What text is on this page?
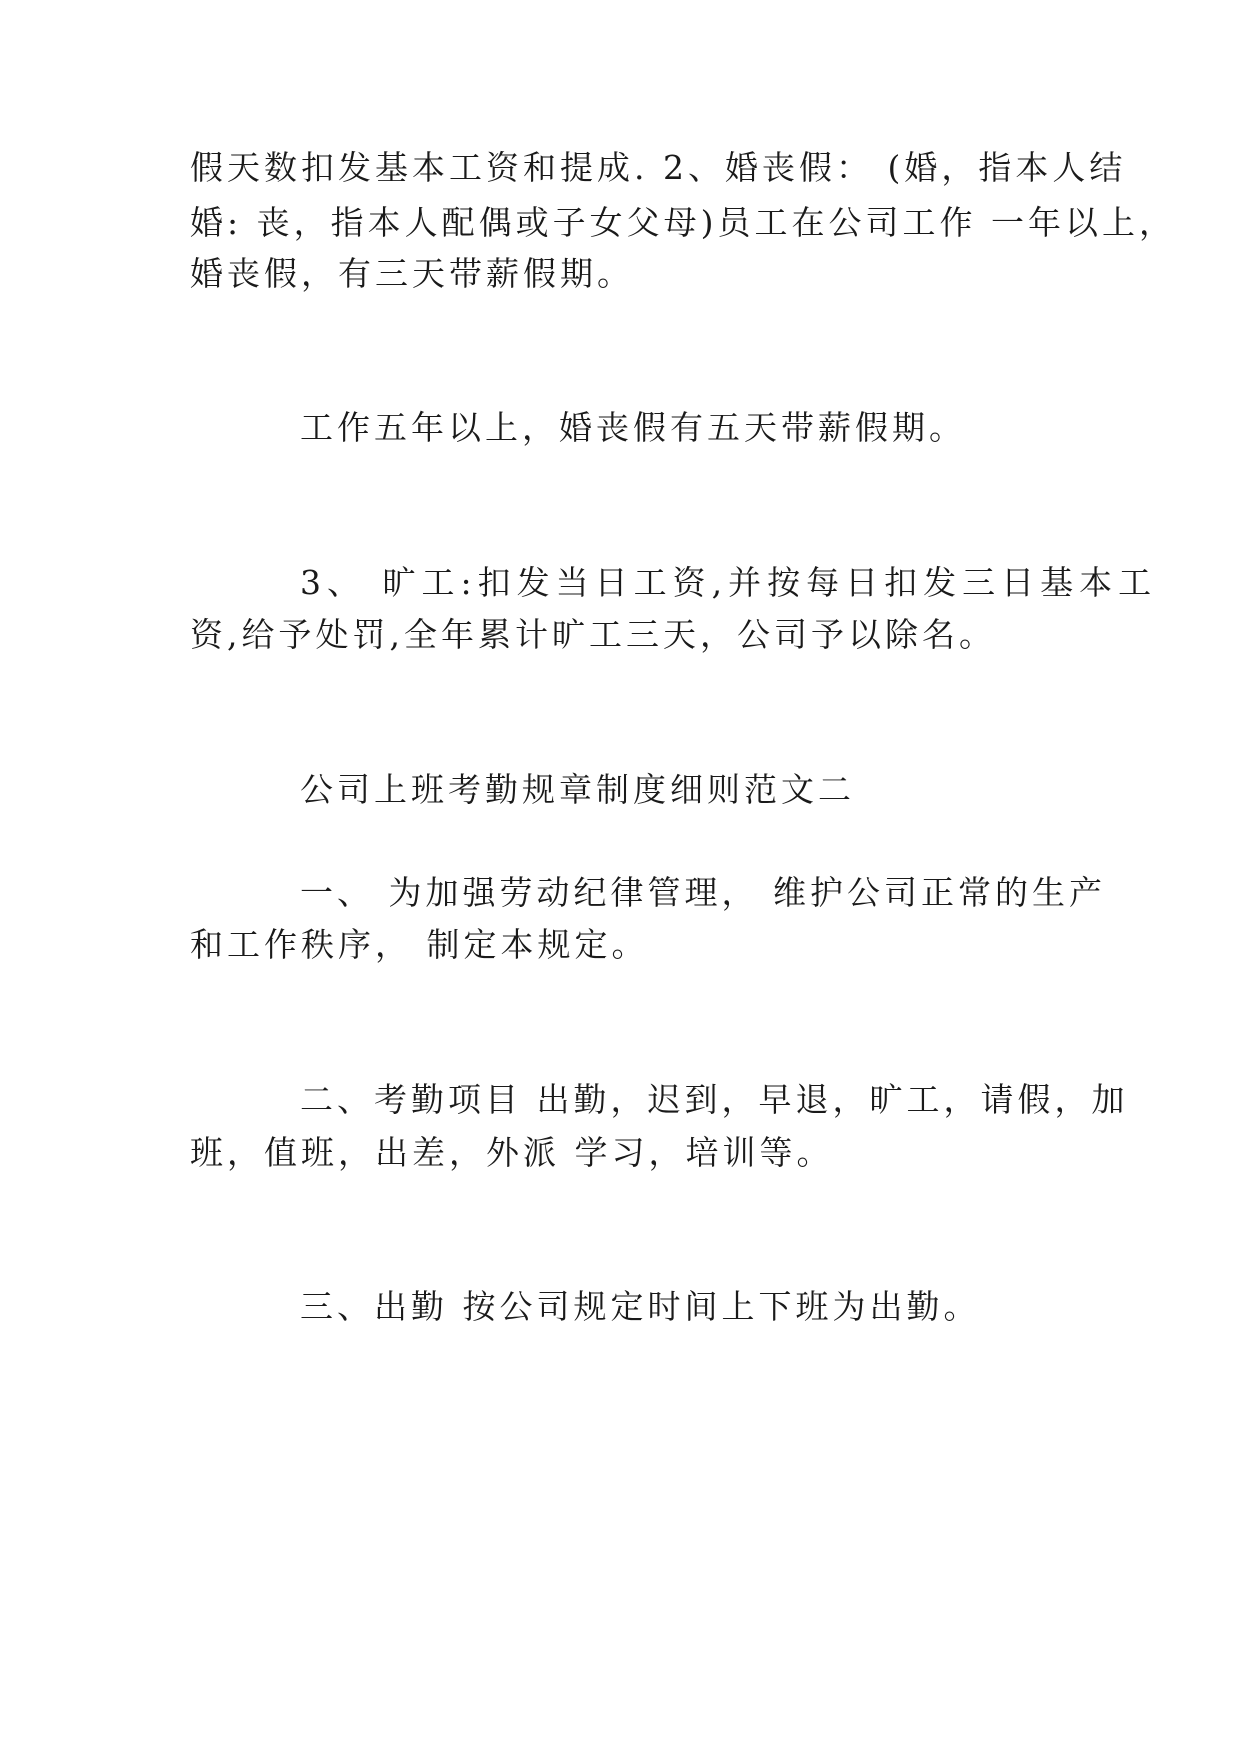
假天数扣发基本工资和提成. 2、婚丧假： (婚，指本人结
婚: 丧，指本人配偶或子女父母)员工在公司工作 一年以上，
婚丧假，有三天带薪假期。
工作五年以上，婚丧假有五天带薪假期。
3、 旷工:扣发当日工资,并按每日扣发三日基本工
资,给予处罚,全年累计旷工三天，公司予以除名。
公司上班考勤规章制度细则范文二
一、 为加强劳动纪律管理， 维护公司正常的生产
和工作秩序， 制定本规定。
二、考勤项目 出勤，迟到，早退，旷工，请假，加
班，值班，出差，外派 学习，培训等。
三、出勤 按公司规定时间上下班为出勤。
